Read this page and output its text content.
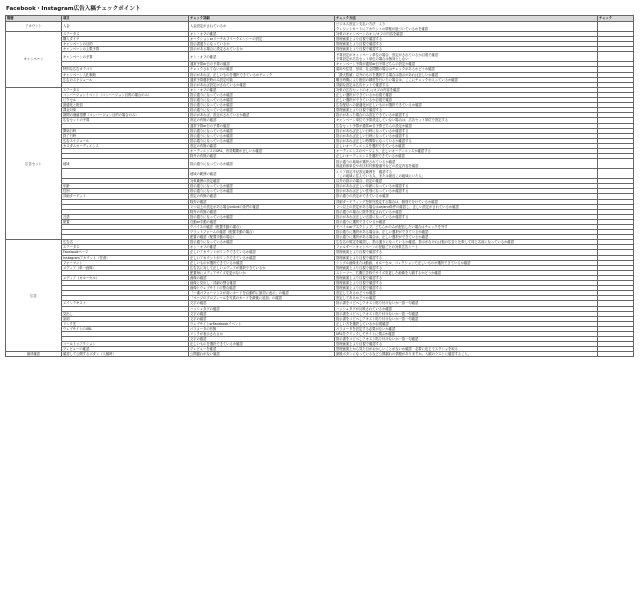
Facebook・Instagram広告入稿チェックポイント
階層	項目	チェック詳細	チェック方法	チェック
アカウント	入金	入金設定がされているか	ビジネス設定＞支払い方法　より
クレジットカードにアカウントの情報が紐づいているかを確認	
キャンペーン	ステータス	オン・オフの確認	対象のキャンペーンのオン/オフの内容を確認	
	購入タイプ	オークションorリーチ＆フリークエンシーの設定	管理画面上より目視で確認する	
	キャンペーンの目的	指示書通りになっているか	管理画面上より目視で確認する	
	キャンペーンの上限予算	指示がある場合に設定されているか	管理画面上より目視で確認する	
	キャンペーンの予算	オン・オフの確認	予算設定がキャンペーン単位の場合、設定がされているか目視で確認
予算設定が広告セット単位の場合は無効としない	
		通常予算or日の予算の確認	キャンペーン予算が通常or日予算どちらの設定か確認	
	特別な広告カテゴリ	チェックされてないかの確認	雇用や住居、信用、社会問題の場合はチェックがあるかどうか確認	
	キャンペーン入札戦略	指示があれば、正しいものを選択できているかチェック	「最大数値」以外のものを選択する場合は指示があれば正しいか確認	
	広告のスケジュール	通常予算選択時のみ設定可能	曜日時間により配信の精度を行いたい場合は、ここにチェックが入っているか確認	
		指示があれば設定がされているか確認	詳細な設定は広告セットで確認する	
広告セット	ステータス	オン・オフの確認	対象の広告セットのオン/オフの内容を確認	
	コンバージョンイベント（コンバージョン目的の場合のみ）	指示通りになっているか確認	正しい選択ができているか目視で確認	
	ピクセル	指示通りになっているか確認	正しい選択ができているか目視で確認	
	最適化と配信	指示通りになっているか確認	広告配信への最適化が正しいものが選択できているか確認	
	課金対象	指示通りになっているか確認	管理画面上より目視で確認する	
	期間の価値指標（コンバージョン目的の場合のみ）	指示があれば、設定がされているか確認	指示があった場合のみ設定できているか確認する	
	広告セットの予算	設定の有無の確認	キャンペーン単位で予算設定していない場合は、広告セット単位で設定する	
		通常予算or日の予算の確認	広告セット予算が通常or日予算どちらの設定か確認	
	開始日時	指示通りになっているか確認	指示があれば正しい日時になっているか確認する	
	終了日時	指示通りになっているか確認	指示があれば正しい日時になっているか確認する	
	広告スケジュール	指示通りになっているか確認	指示があれば正しい時間帯になっているか確認する	
	カスタムオーディエンス	設定の有無の確認	正しいオーディエンスを選択できているか確認	
		オーディエンスのURL、有効期間が正しいか確認	オーディエンスのページより、正しいオーディエンスか確認する	
		除外の有無の確認	正しいオーディエンスを選択できているか確認	
	地域	指示通りになっているか確認	指示通りの地域が選択されているか確認
都道府県単位や市区町村郵便番号などの設定内容を確認	
		地域の範囲の確認	エリア指定半径設定範囲を　確認する
「この地域に住んでいる人、または最近この地域にいた人」	
		対象範囲の設定確認	以外の指示の場合、設定の確認	
	年齢	指示通りになっているか確認	指示があれば正しい年齢になっているか確認する	
	性別	指示通りになっているか確認	指示があれば正しい性別になっているか確認する	
	詳細ターゲット	設定の有無の確認	指示通りの設定ができているか確認	
		除外の確認	詳細ターゲティングを除外設定する場合は、個別で分けているか確認	
		２つ以上の設定がある場合orAndの条件の確認	２つ以上の設定がある場合はor/and条件の確認し、正しい設定がされているか確認	
		除外の有無の確認	指示通りの場合に除外設定されているか確認	
	言語	指示通りになっているか確認	指示があれば正しい言語になっているか確認する	
	配置	自動or手動の確認	指示通りに選択できているか確認	
		デバイスの確認（配置手動の場合）	モバイルorデスクトップ、どちらかのみが配信したい場合はチェックを外す	
		プラットフォームの確認（配置手動の場合）	指示通りに選択がある場合は、正しい選択ができているか確認	
		配置の確認（配置手動の場合）	指示通りに選択がある場合は、正しい選択ができているか確認	
広告	広告名	指示通りになっているか確認	広告名の規定を確認し、指示通りになっているか確認。指示がなければ他の広告と比較して同じ名前になっているか確認	
	ステータス	オン・オフの確認	フォルダー＞キャンペーンの登録ごとの対象広告シート	
	Facebookページ	正しいアカウントがリンクできているか確認	管理画面上より目視で確認する	
	Instagramアカウント（任意）	正しいアカウントがリンクできているか確認	管理画面上より目視で確認する	
	フォーマット	正しいものが選択できているか確認	シングル画像または動画、カルーセル、コレクションで正しいものが選択できているか確認	
	メディア（単一画像）	広告名に対して正しいメディアが選択できているか	管理画面上より目視で確認する	
		配置毎にメディアサイズ変更がないか	ストーリー、右側広告枠でサイズ変更した画像を入稿するかどうか確認	
	メディア（カルーセル）	画像の確認	管理画面上より目視で確認する	
		画像と見出し・詳細の整合確認	管理画面上より目視で確認する	
		画像とウェブサイトの整合確認	管理画面上より目視で確認する	
		「一番パフォーマンスが高いカードを自動的に最初に表示」の確認	設定してあるかどうか確認	
		「ページのプロフィールを写真のカードを最後に追加」の確認	設定してあるかどうか確認	
	メインテキスト	文字の確認	指示書をコピペしテキスト貼り付けないか一語一句確認	
		ハッシュタグの確認	ハッシュタグが反映されているか確認	
	見出し	文字の確認	指示書をコピペしテキスト貼り付けないか一語一句確認	
	説明	文字の確認	指示書をコピペしテキスト貼り付けないか一語一句確認	
	リンク先	ウェブサイトorFacebookイベント	正しい方を選択しているか目視確認	
	ウェブサイトのURL	パラメータの有無	パラメータを設定する必要がないか確認	
		リンクが表示されるか	URLをクリックしてサイトに飛ぶか確認	
		文字の確認	指示書をコピペしテキスト貼り付けないか一語一句確認	
	コールトゥアクション	正しいものを選択できているか確認	管理画面上より目視で確認する	
	プレビューの確認	プレビューを確認	管理画面上から見た目がおかしいことがないか確認　必要に応じてスクショを取る	
最終確認	確認して公開するボタン（入稿時）	公開漏れがない確認	最後ボタンになっているなど公開漏れの情報がありますか。入稿のラストに確認すること。	
